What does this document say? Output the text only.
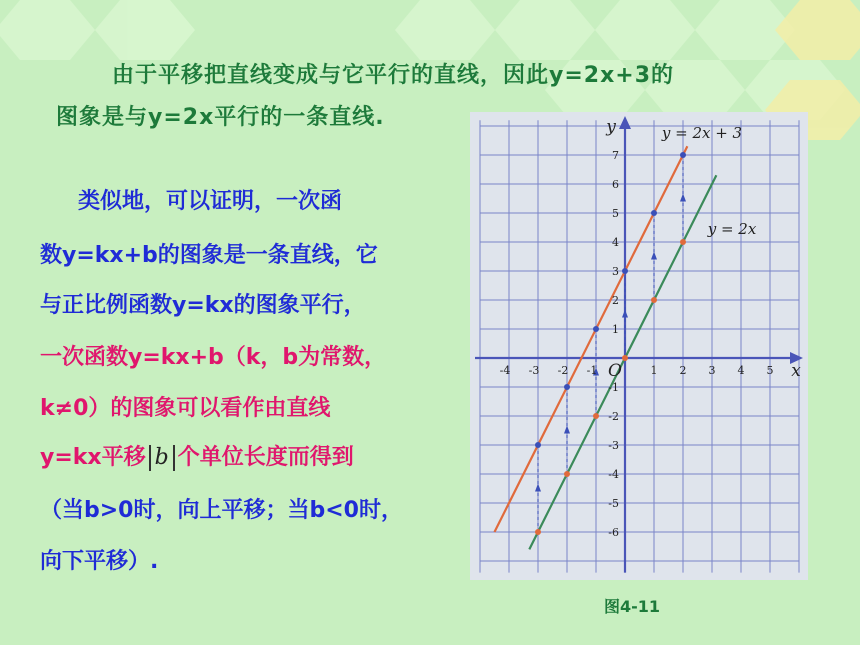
由于平移把直线变成与它平行的直线，因此y=2x+3的
图象是与y=2x平行的一条直线.
类似地，可以证明，一次函
数y=kx+b的图象是一条直线，它
与正比例函数y=kx的图象平行，
一次函数y=kx+b（k，b为常数，
k≠0）的图象可以看作由直线
y=kx平移 b 个单位长度而得到
（当b>0时，向上平移；当b<0时，
向下平移）.
-4 -3 -2 -1	1 2 3 4 5
7
6
5
4
3
2
1
-1
-2
-3
-4
-5
-6
O	x
y	y = 2x + 3
y = 2x
图4-11
